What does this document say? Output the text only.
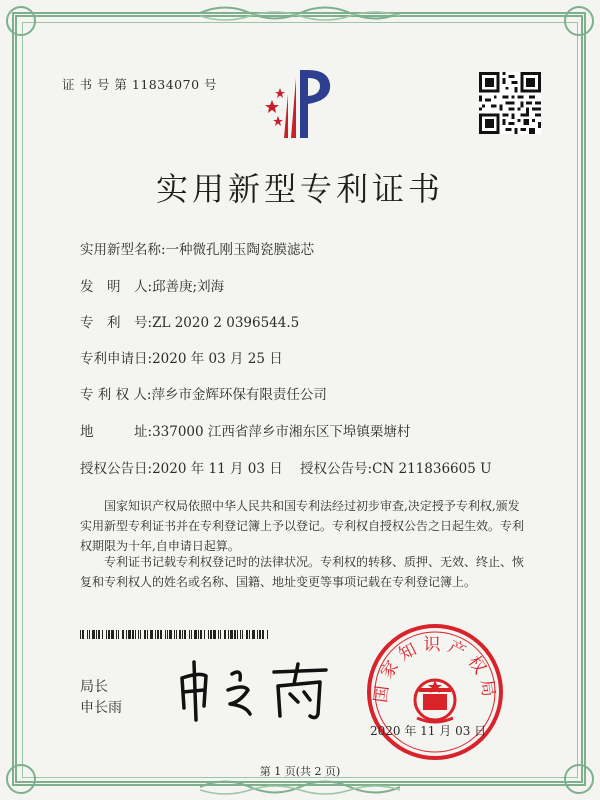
证 书 号 第 11834070 号
实用新型专利证书
实用新型名称:一种微孔刚玉陶瓷膜滤芯
发　明　人:邱善庚;刘海
专　利　号:ZL 2020 2 0396544.5
专利申请日:2020 年 03 月 25 日
专 利 权 人:萍乡市金辉环保有限责任公司
地　　　址:337000 江西省萍乡市湘东区下埠镇栗塘村
授权公告日:2020 年 11 月 03 日 授权公告号:CN 211836605 U
国家知识产权局依照中华人民共和国专利法经过初步审查,决定授予专利权,颁发实用新型专利证书并在专利登记簿上予以登记。专利权自授权公告之日起生效。专利权期限为十年,自申请日起算。
专利证书记载专利权登记时的法律状况。专利权的转移、质押、无效、终止、恢复和专利权人的姓名或名称、国籍、地址变更等事项记载在专利登记簿上。
局长
申长雨
国家知识产权局
2020 年 11 月 03 日
第 1 页(共 2 页)
